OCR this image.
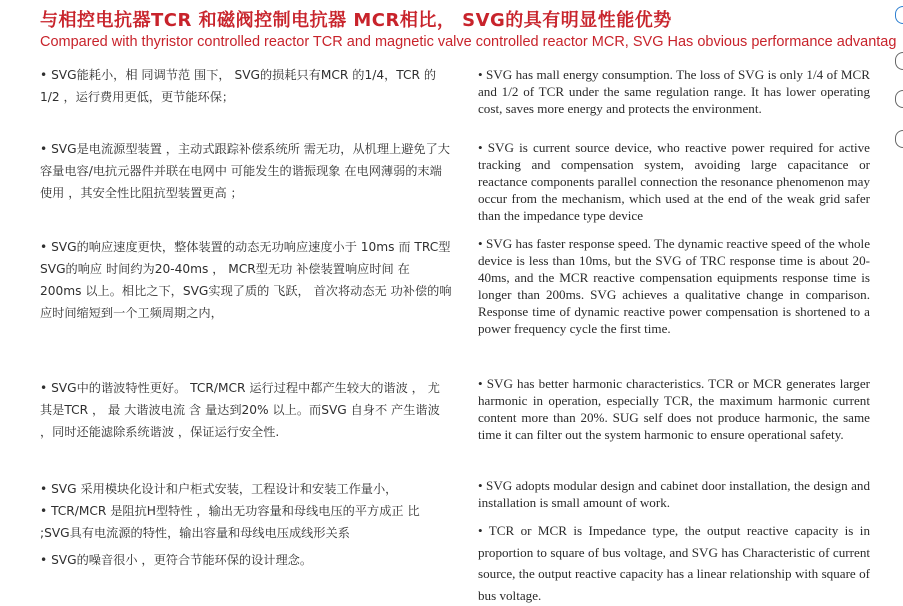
与相控电抗器TCR 和磁阀控制电抗器 MCR相比， SVG的具有明显性能优势
Compared with thyristor controlled reactor TCR and magnetic valve controlled reactor MCR, SVG Has obvious performance advantag
• SVG能耗小，相 同调节范 围下， SVG的损耗只有MCR 的1/4，TCR 的1/2 ，运行费用更低，更节能环保；
• SVG是电流源型装置 ，主动式跟踪补偿系统所 需无功，从机理上避免了大容量电容/电抗元器件并联在电网中 可能发生的谐振现象 在电网薄弱的末端使用 ，其安全性比阻抗型装置更高 ；
• SVG的响应速度更快，整体装置的动态无功响应速度小于 10ms 而 TRC型SVG的响应 时间约为20-40ms ， MCR型无功 补偿装置响应时间 在 200ms 以上。相比之下，SVG实现了质的 飞跃， 首次将动态无 功补偿的响应时间缩短到一个工频周期之内，
• SVG中的谐波特性更好。 TCR/MCR 运行过程中都产生较大的谐波 ， 尤其是TCR ， 最 大谐波电流 含 量达到20% 以上。而SVG 自身不 产生谐波 ，同时还能滤除系统谐波 ，保证运行安全性.
• SVG 采用模块化设计和户柜式安装，工程设计和安装工作量小，
• TCR/MCR 是阻抗H型特性 ，输出无功容量和母线电压的平方成正 比 ;SVG具有电流源的特性，输出容量和母线电压成线形关系
• SVG的噪音很小 ，更符合节能环保的设计理念。
• SVG has mall energy consumption. The loss of SVG is only 1/4 of MCR and 1/2 of TCR under the same regulation range. It has lower operating cost, saves more energy and protects the environment.
• SVG is current source device, who reactive power required for active tracking and compensation system, avoiding large capacitance or reactance components parallel connection the resonance phenomenon may occur from the mechanism, which used at the end of the weak grid safer than the impedance type device
• SVG has faster response speed. The dynamic reactive speed of the whole device is less than 10ms, but the SVG of TRC response time is about 20-40ms, and the MCR reactive compensation equipments response time is longer than 200ms. SVG achieves a qualitative change in comparison. Response time of dynamic reactive power compensation is shortened to a power frequency cycle the first time.
• SVG has better harmonic characteristics. TCR or MCR generates larger harmonic in operation, especially TCR, the maximum harmonic current content more than 20%. SUG self does not produce harmonic, the same time it can filter out the system harmonic to ensure operational safety.
• SVG adopts modular design and cabinet door installation, the design and installation is small amount of work.
• TCR or MCR is Impedance type, the output reactive capacity is in proportion to square of bus voltage, and SVG has Characteristic of current source, the output reactive capacity has a linear relationship with square of bus voltage.
